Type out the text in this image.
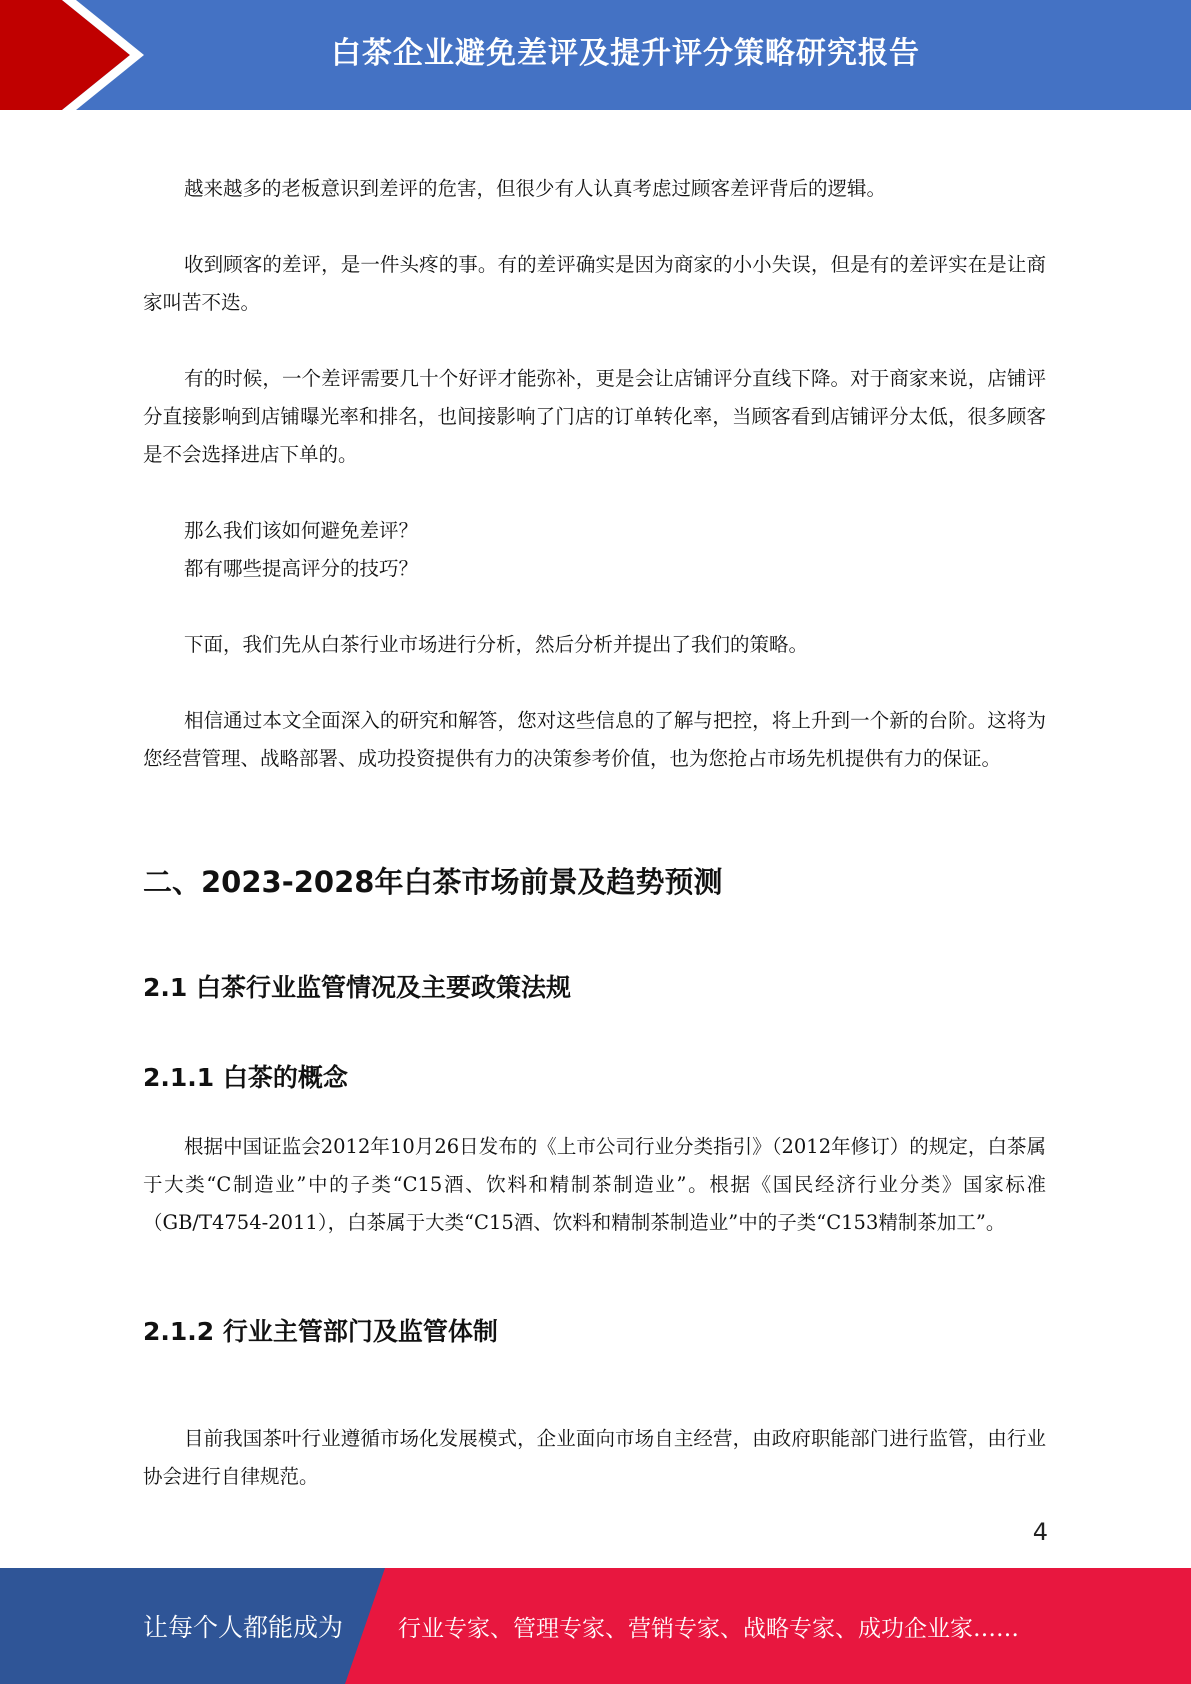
白茶企业避免差评及提升评分策略研究报告

越来越多的老板意识到差评的危害，但很少有人认真考虑过顾客差评背后的逻辑。

收到顾客的差评，是一件头疼的事。有的差评确实是因为商家的小小失误，但是有的差评实在是让商家叫苦不迭。

有的时候，一个差评需要几十个好评才能弥补，更是会让店铺评分直线下降。对于商家来说，店铺评分直接影响到店铺曝光率和排名，也间接影响了门店的订单转化率，当顾客看到店铺评分太低，很多顾客是不会选择进店下单的。

那么我们该如何避免差评？

都有哪些提高评分的技巧？

下面，我们先从白茶行业市场进行分析，然后分析并提出了我们的策略。

相信通过本文全面深入的研究和解答，您对这些信息的了解与把控，将上升到一个新的台阶。这将为您经营管理、战略部署、成功投资提供有力的决策参考价值，也为您抢占市场先机提供有力的保证。

二、2023-2028年白茶市场前景及趋势预测
2.1 白茶行业监管情况及主要政策法规
2.1.1 白茶的概念

根据中国证监会2012年10月26日发布的《上市公司行业分类指引》（2012年修订）的规定，白茶属于大类“C制造业”中的子类“C15酒、饮料和精制茶制造业”。根据《国民经济行业分类》国家标准（GB/T4754-2011），白茶属于大类“C15酒、饮料和精制茶制造业”中的子类“C153精制茶加工”。

2.1.2 行业主管部门及监管体制

目前我国茶叶行业遵循市场化发展模式，企业面向市场自主经营，由政府职能部门进行监管，由行业协会进行自律规范。

4
让每个人都能成为 行业专家、管理专家、营销专家、战略专家、成功企业家……
